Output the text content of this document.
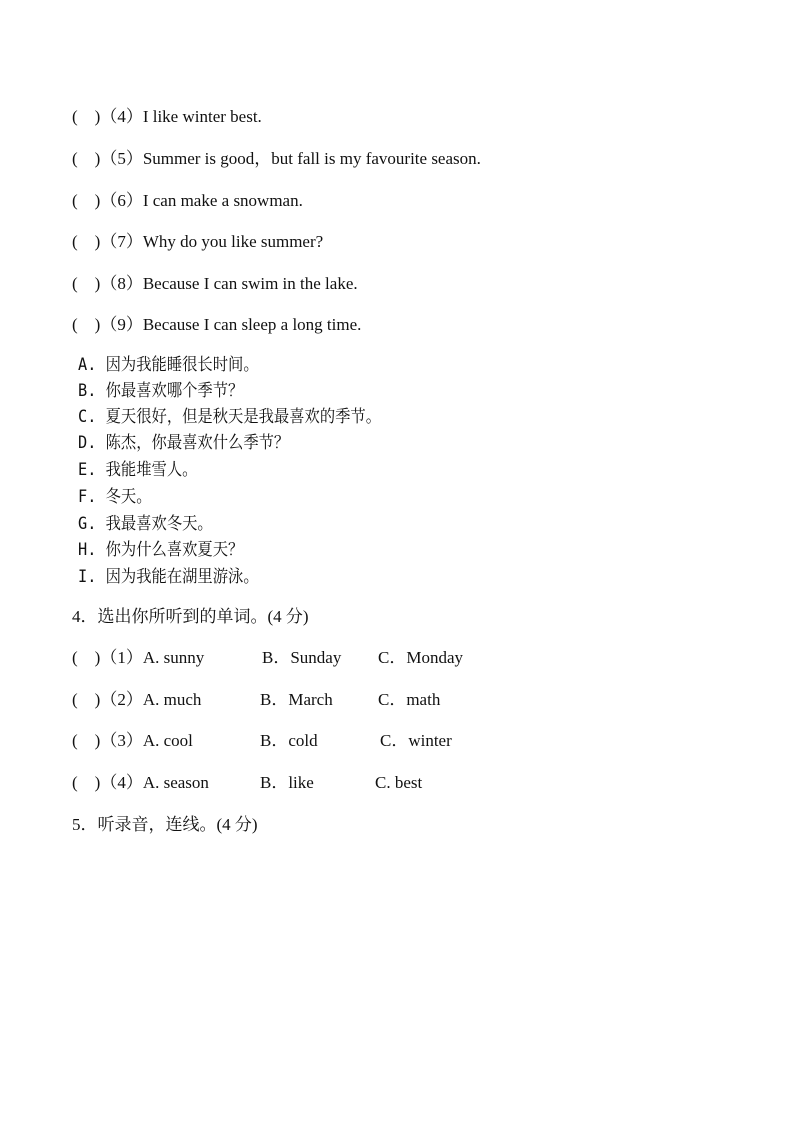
(    )（4）I like winter best.
(    )（5）Summer is good，but fall is my favourite season.
(    )（6）I can make a snowman.
(    )（7）Why do you like summer?
(    )（8）Because I can swim in the lake.
(    )（9）Because I can sleep a long time.
A. 因为我能睡很长时间。
B. 你最喜欢哪个季节？
C. 夏天很好，但是秋天是我最喜欢的季节。
D. 陈杰，你最喜欢什么季节？
E. 我能堆雪人。
F. 冬天。
G. 我最喜欢冬天。
H. 你为什么喜欢夏天？
I. 因为我能在湖里游泳。
4．选出你所听到的单词。(4 分)
(    )（1）A. sunny	B．Sunday C．Monday
(    )（2）A. much	B．March	C．math
(    )（3）A. cool	B．cold	C．winter
(    )（4）A. season	B．like	C. best
5．听录音，连线。(4 分)
